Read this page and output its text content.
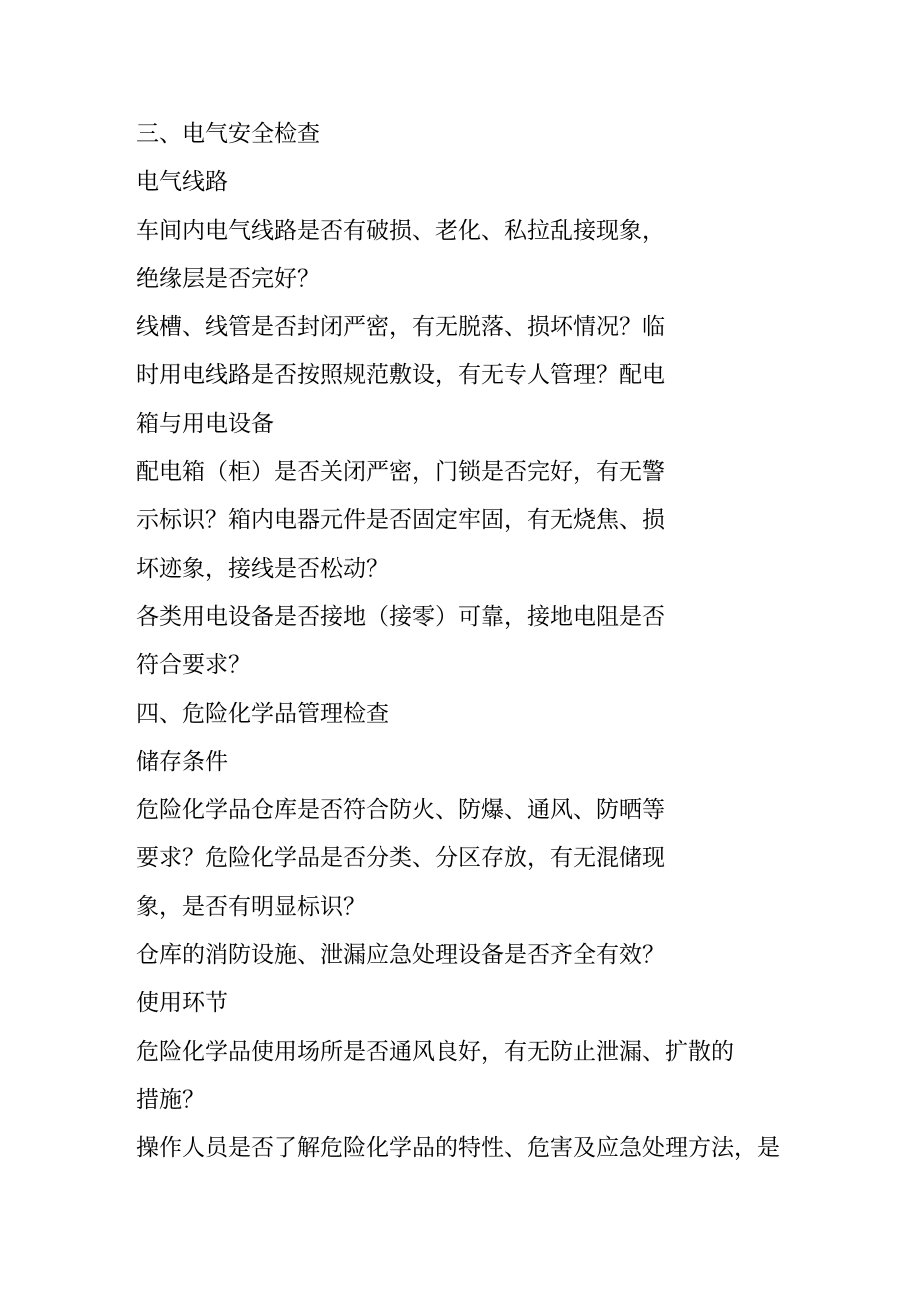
三、电气安全检查
电气线路
车间内电气线路是否有破损、老化、私拉乱接现象，
绝缘层是否完好？
线槽、线管是否封闭严密，有无脱落、损坏情况？临
时用电线路是否按照规范敷设，有无专人管理？配电
箱与用电设备
配电箱（柜）是否关闭严密，门锁是否完好，有无警
示标识？箱内电器元件是否固定牢固，有无烧焦、损
坏迹象，接线是否松动？
各类用电设备是否接地（接零）可靠，接地电阻是否
符合要求？
四、危险化学品管理检查
储存条件
危险化学品仓库是否符合防火、防爆、通风、防晒等
要求？危险化学品是否分类、分区存放，有无混储现
象，是否有明显标识？
仓库的消防设施、泄漏应急处理设备是否齐全有效？
使用环节
危险化学品使用场所是否通风良好，有无防止泄漏、扩散的
措施？
操作人员是否了解危险化学品的特性、危害及应急处理方法，是
